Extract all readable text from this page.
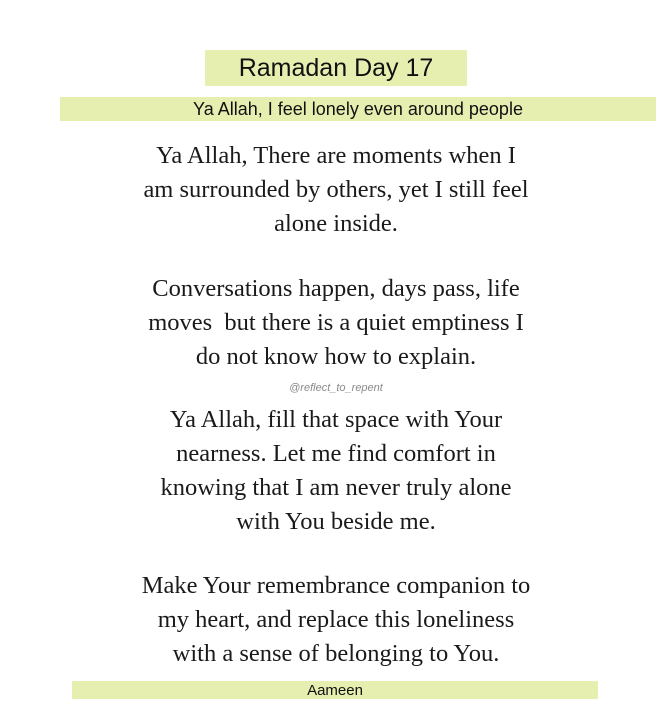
Ramadan Day 17
Ya Allah, I feel lonely even around people
Ya Allah, There are moments when I
am surrounded by others, yet I still feel
alone inside.
Conversations happen, days pass, life
moves  but there is a quiet emptiness I
do not know how to explain.
@reflect_to_repent
Ya Allah, fill that space with Your
nearness. Let me find comfort in
knowing that I am never truly alone
with You beside me.
Make Your remembrance companion to
my heart, and replace this loneliness
with a sense of belonging to You.
Aameen
